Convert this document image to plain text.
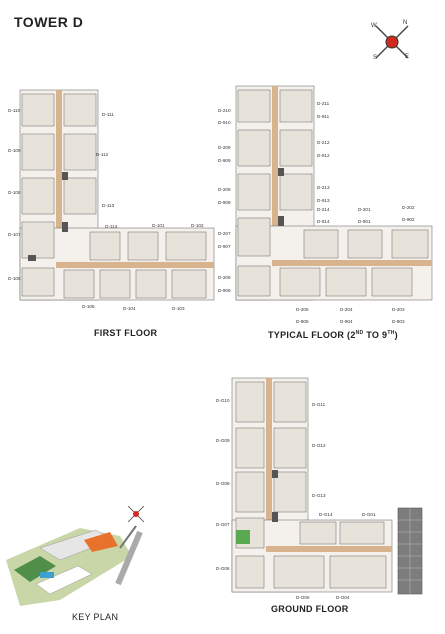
TOWER D	N
E
S
W
D-110
D-111
D-109
D-112
D-108
D-113
D-107
D-106
D-114	D-101	D-102
D-105	D-104	D-103
FIRST FLOOR
D-210
D-910
D-211
D-911
D-209
D-909
D-212
D-912
D-208
D-908
D-213
D-913
D-207
D-907
D-214
D-914
D-201
D-901
D-202
D-902
D-206
D-906
D-205
D-905
D-204
D-904
D-203
D-903
TYPICAL FLOOR (2ND TO 9TH)
D-G10
D-G11
D-G09
D-G12
D-G08
D-G13
D-G07
D-G14	D-G01
D-G06
D-G05	D-G04
GROUND FLOOR
KEY PLAN
